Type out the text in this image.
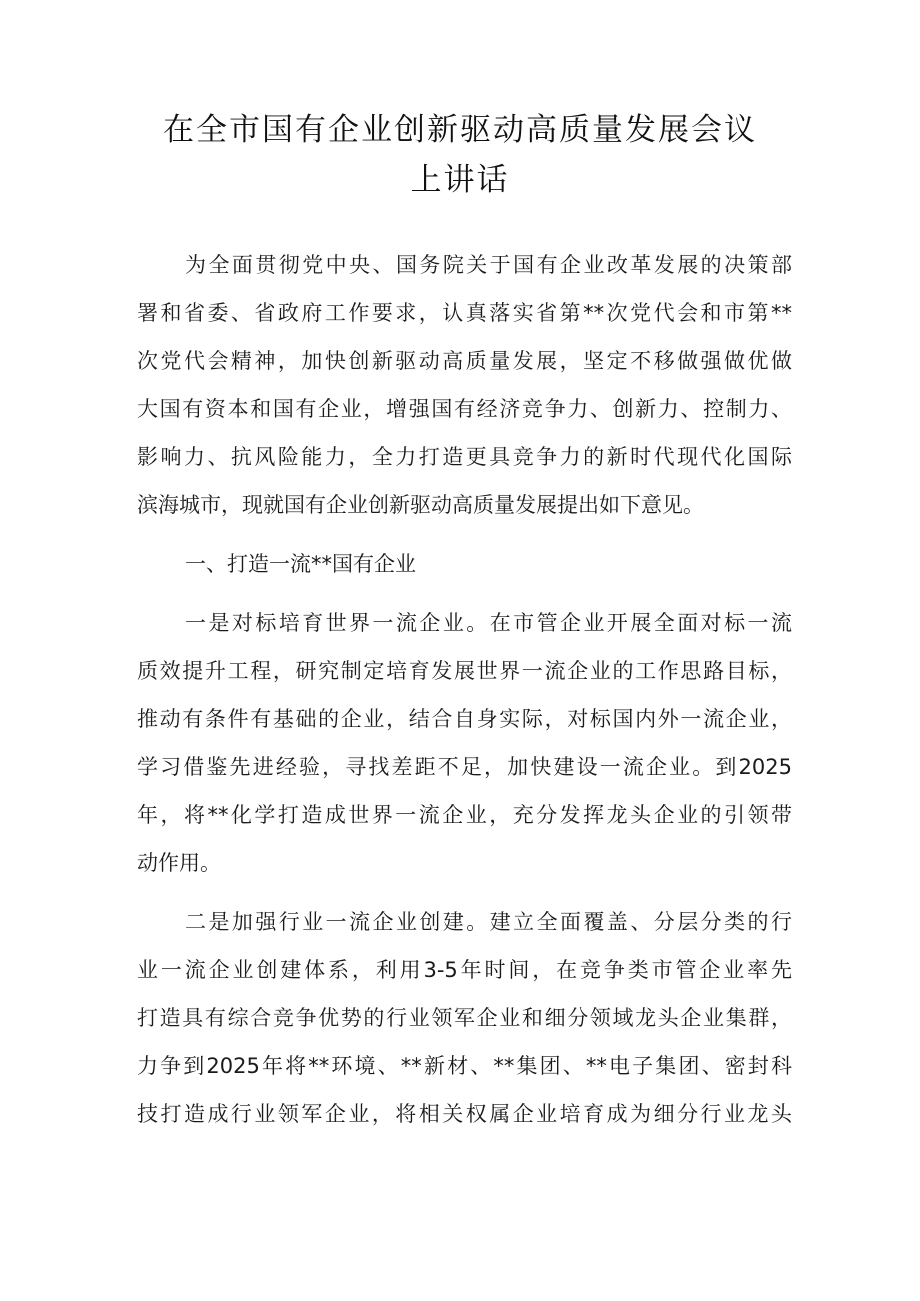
在全市国有企业创新驱动高质量发展会议
上讲话
为全面贯彻党中央、国务院关于国有企业改革发展的决策部
署和省委、省政府工作要求，认真落实省第**次党代会和市第**
次党代会精神，加快创新驱动高质量发展，坚定不移做强做优做
大国有资本和国有企业，增强国有经济竞争力、创新力、控制力、
影响力、抗风险能力，全力打造更具竞争力的新时代现代化国际
滨海城市，现就国有企业创新驱动高质量发展提出如下意见。
一、打造一流**国有企业
一是对标培育世界一流企业。在市管企业开展全面对标一流
质效提升工程，研究制定培育发展世界一流企业的工作思路目标，
推动有条件有基础的企业，结合自身实际，对标国内外一流企业，
学习借鉴先进经验，寻找差距不足，加快建设一流企业。到2025
年，将**化学打造成世界一流企业，充分发挥龙头企业的引领带
动作用。
二是加强行业一流企业创建。建立全面覆盖、分层分类的行
业一流企业创建体系，利用3-5年时间，在竞争类市管企业率先
打造具有综合竞争优势的行业领军企业和细分领域龙头企业集群，
力争到2025年将**环境、**新材、**集团、**电子集团、密封科
技打造成行业领军企业，将相关权属企业培育成为细分行业龙头
